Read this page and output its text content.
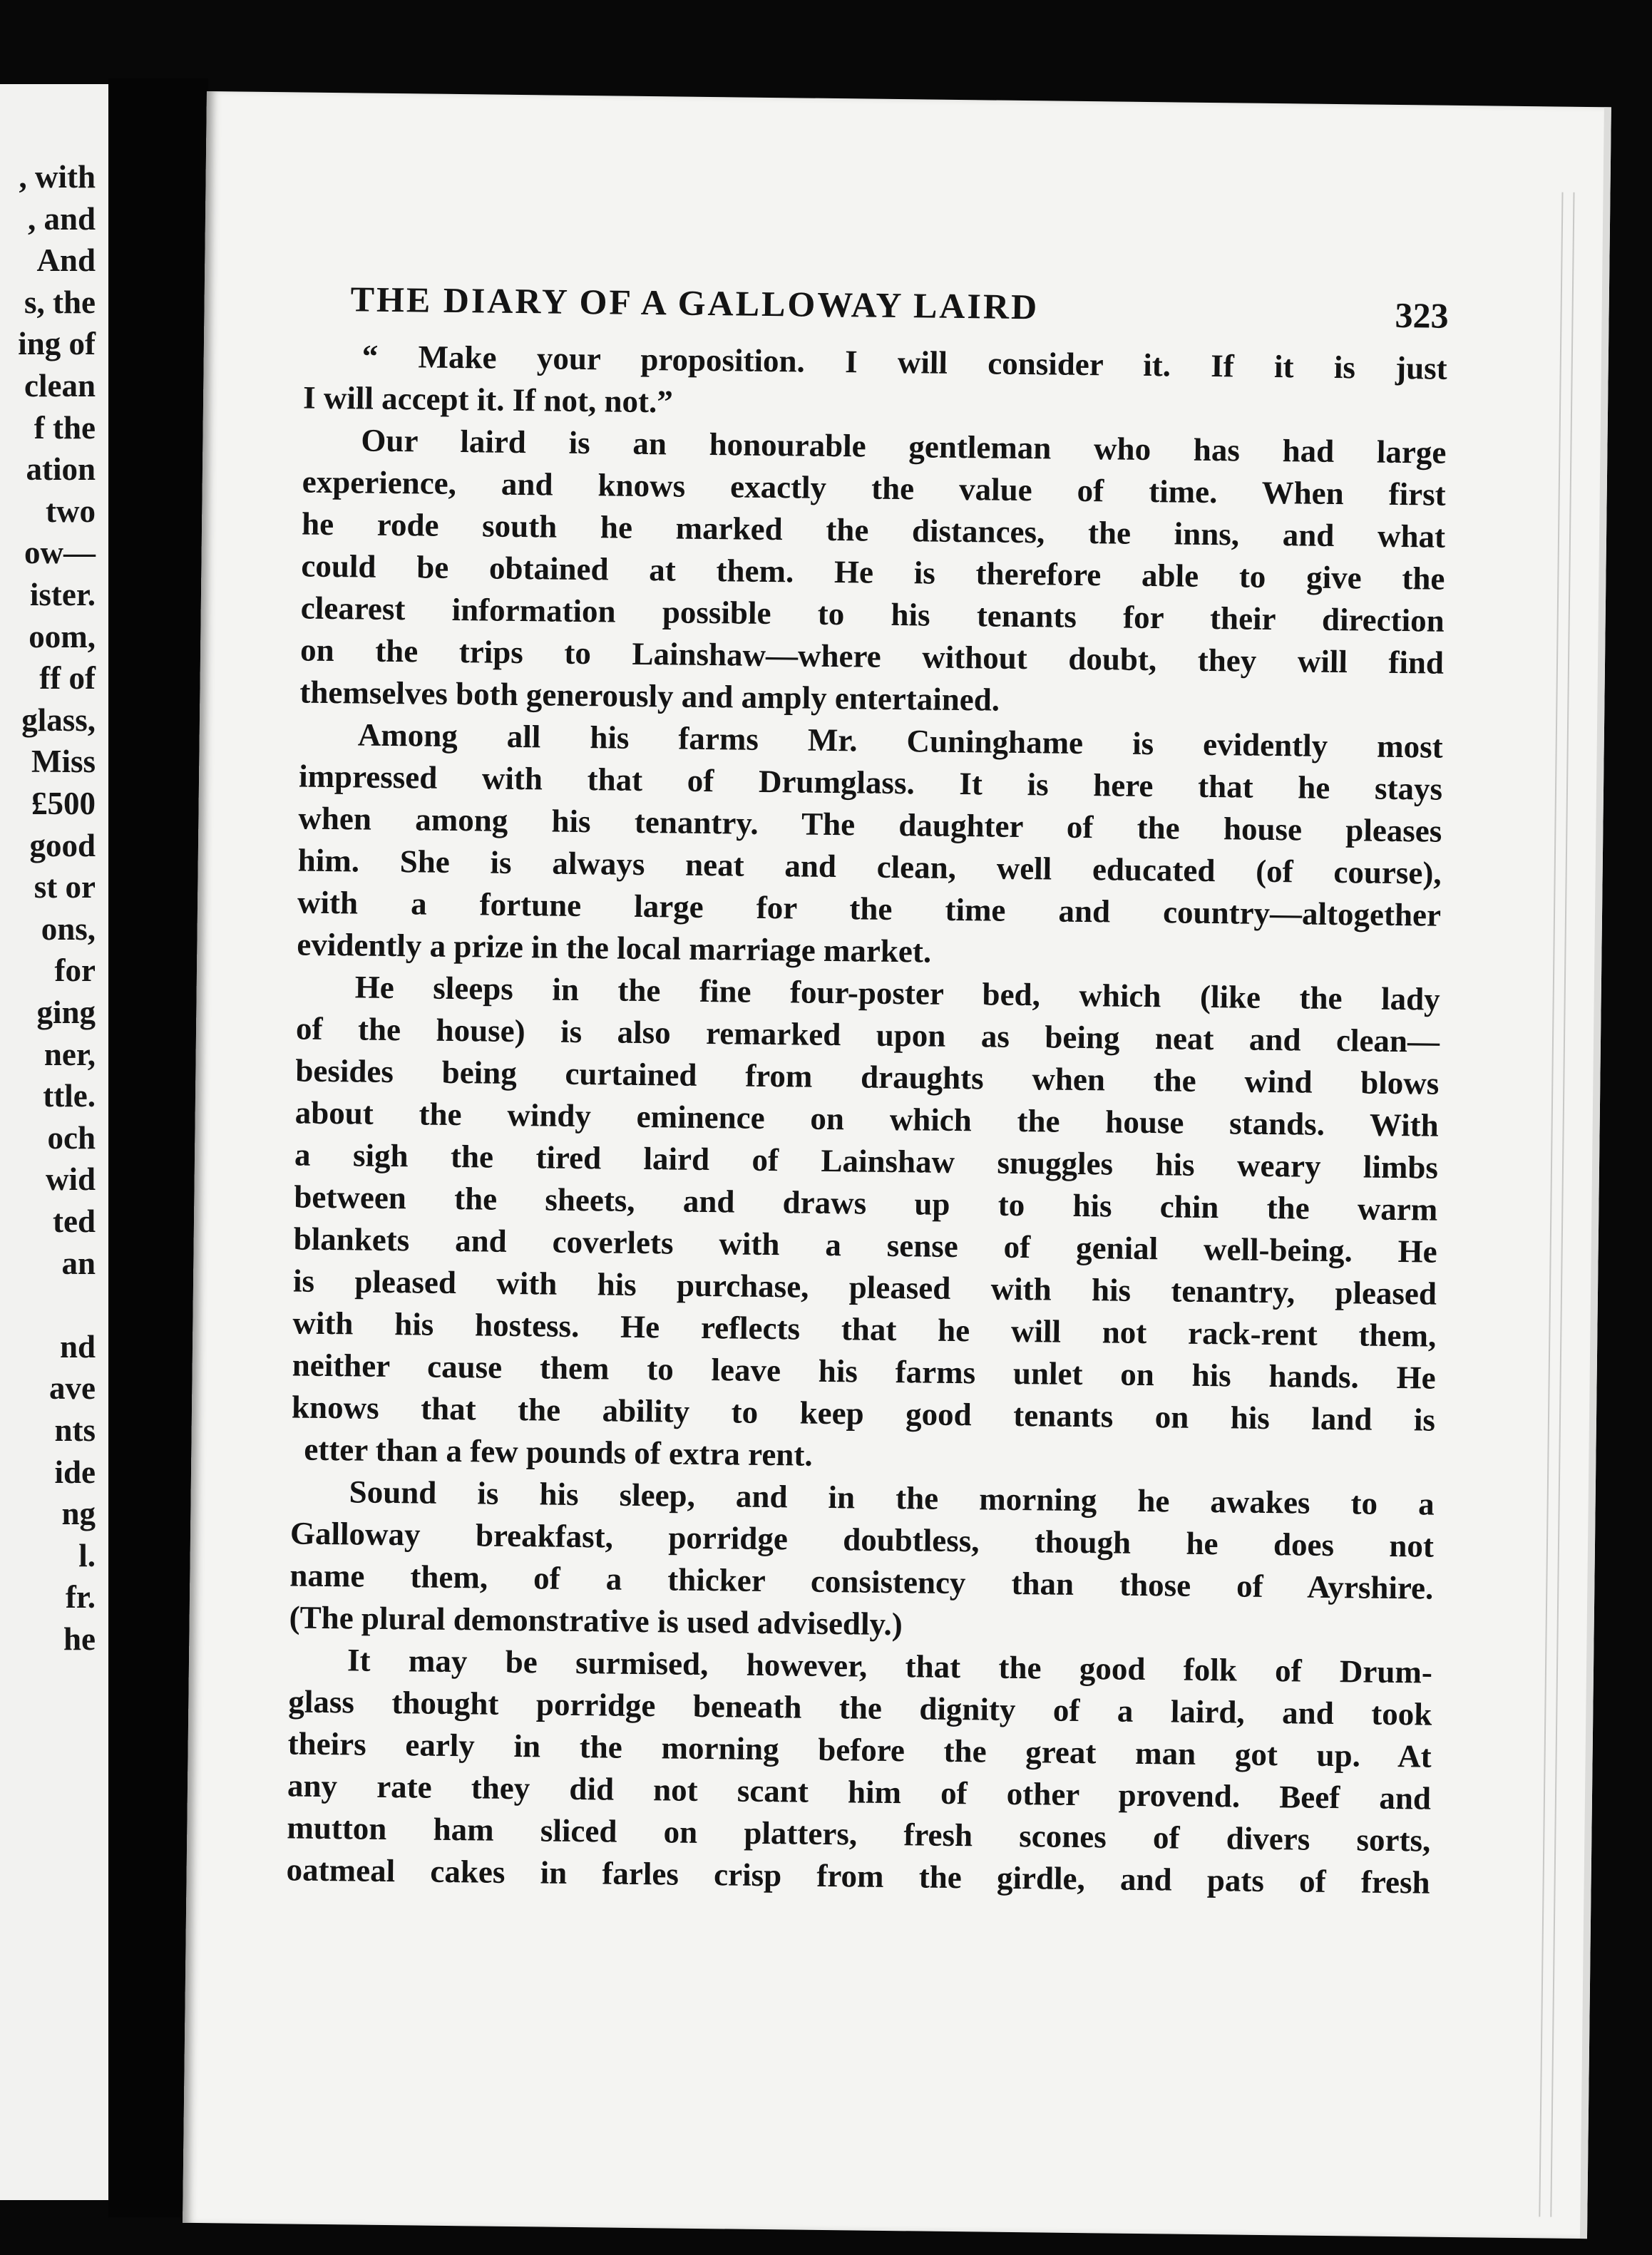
, with

, and

And

s, the

ing of

clean

f the

ation

two

ow—

ister.

oom,

ff of

glass,

Miss

£500

good

st or

ons,

for

ging

ner,

ttle.

och

wid

ted

an

nd

ave

nts

ide

ng

l.

fr.

he

THE DIARY OF A GALLOWAY LAIRD	323

“ Make your proposition. I will consider it. If it is just

I will accept it. If not, not.”

Our laird is an honourable gentleman who has had large

experience, and knows exactly the value of time. When first

he rode south he marked the distances, the inns, and what

could be obtained at them. He is therefore able to give the

clearest information possible to his tenants for their direction

on the trips to Lainshaw—where without doubt, they will find

themselves both generously and amply entertained.

Among all his farms Mr. Cuninghame is evidently most

impressed with that of Drumglass. It is here that he stays

when among his tenantry. The daughter of the house pleases

him. She is always neat and clean, well educated (of course),

with a fortune large for the time and country—altogether

evidently a prize in the local marriage market.

He sleeps in the fine four-poster bed, which (like the lady

of the house) is also remarked upon as being neat and clean—

besides being curtained from draughts when the wind blows

about the windy eminence on which the house stands. With

a sigh the tired laird of Lainshaw snuggles his weary limbs

between the sheets, and draws up to his chin the warm

blankets and coverlets with a sense of genial well-being. He

is pleased with his purchase, pleased with his tenantry, pleased

with his hostess. He reflects that he will not rack-rent them,

neither cause them to leave his farms unlet on his hands. He

knows that the ability to keep good tenants on his land is

etter than a few pounds of extra rent.

Sound is his sleep, and in the morning he awakes to a

Galloway breakfast, porridge doubtless, though he does not

name them, of a thicker consistency than those of Ayrshire.

(The plural demonstrative is used advisedly.)

It may be surmised, however, that the good folk of Drum-

glass thought porridge beneath the dignity of a laird, and took

theirs early in the morning before the great man got up. At

any rate they did not scant him of other provend. Beef and

mutton ham sliced on platters, fresh scones of divers sorts,

oatmeal cakes in farles crisp from the girdle, and pats of fresh
